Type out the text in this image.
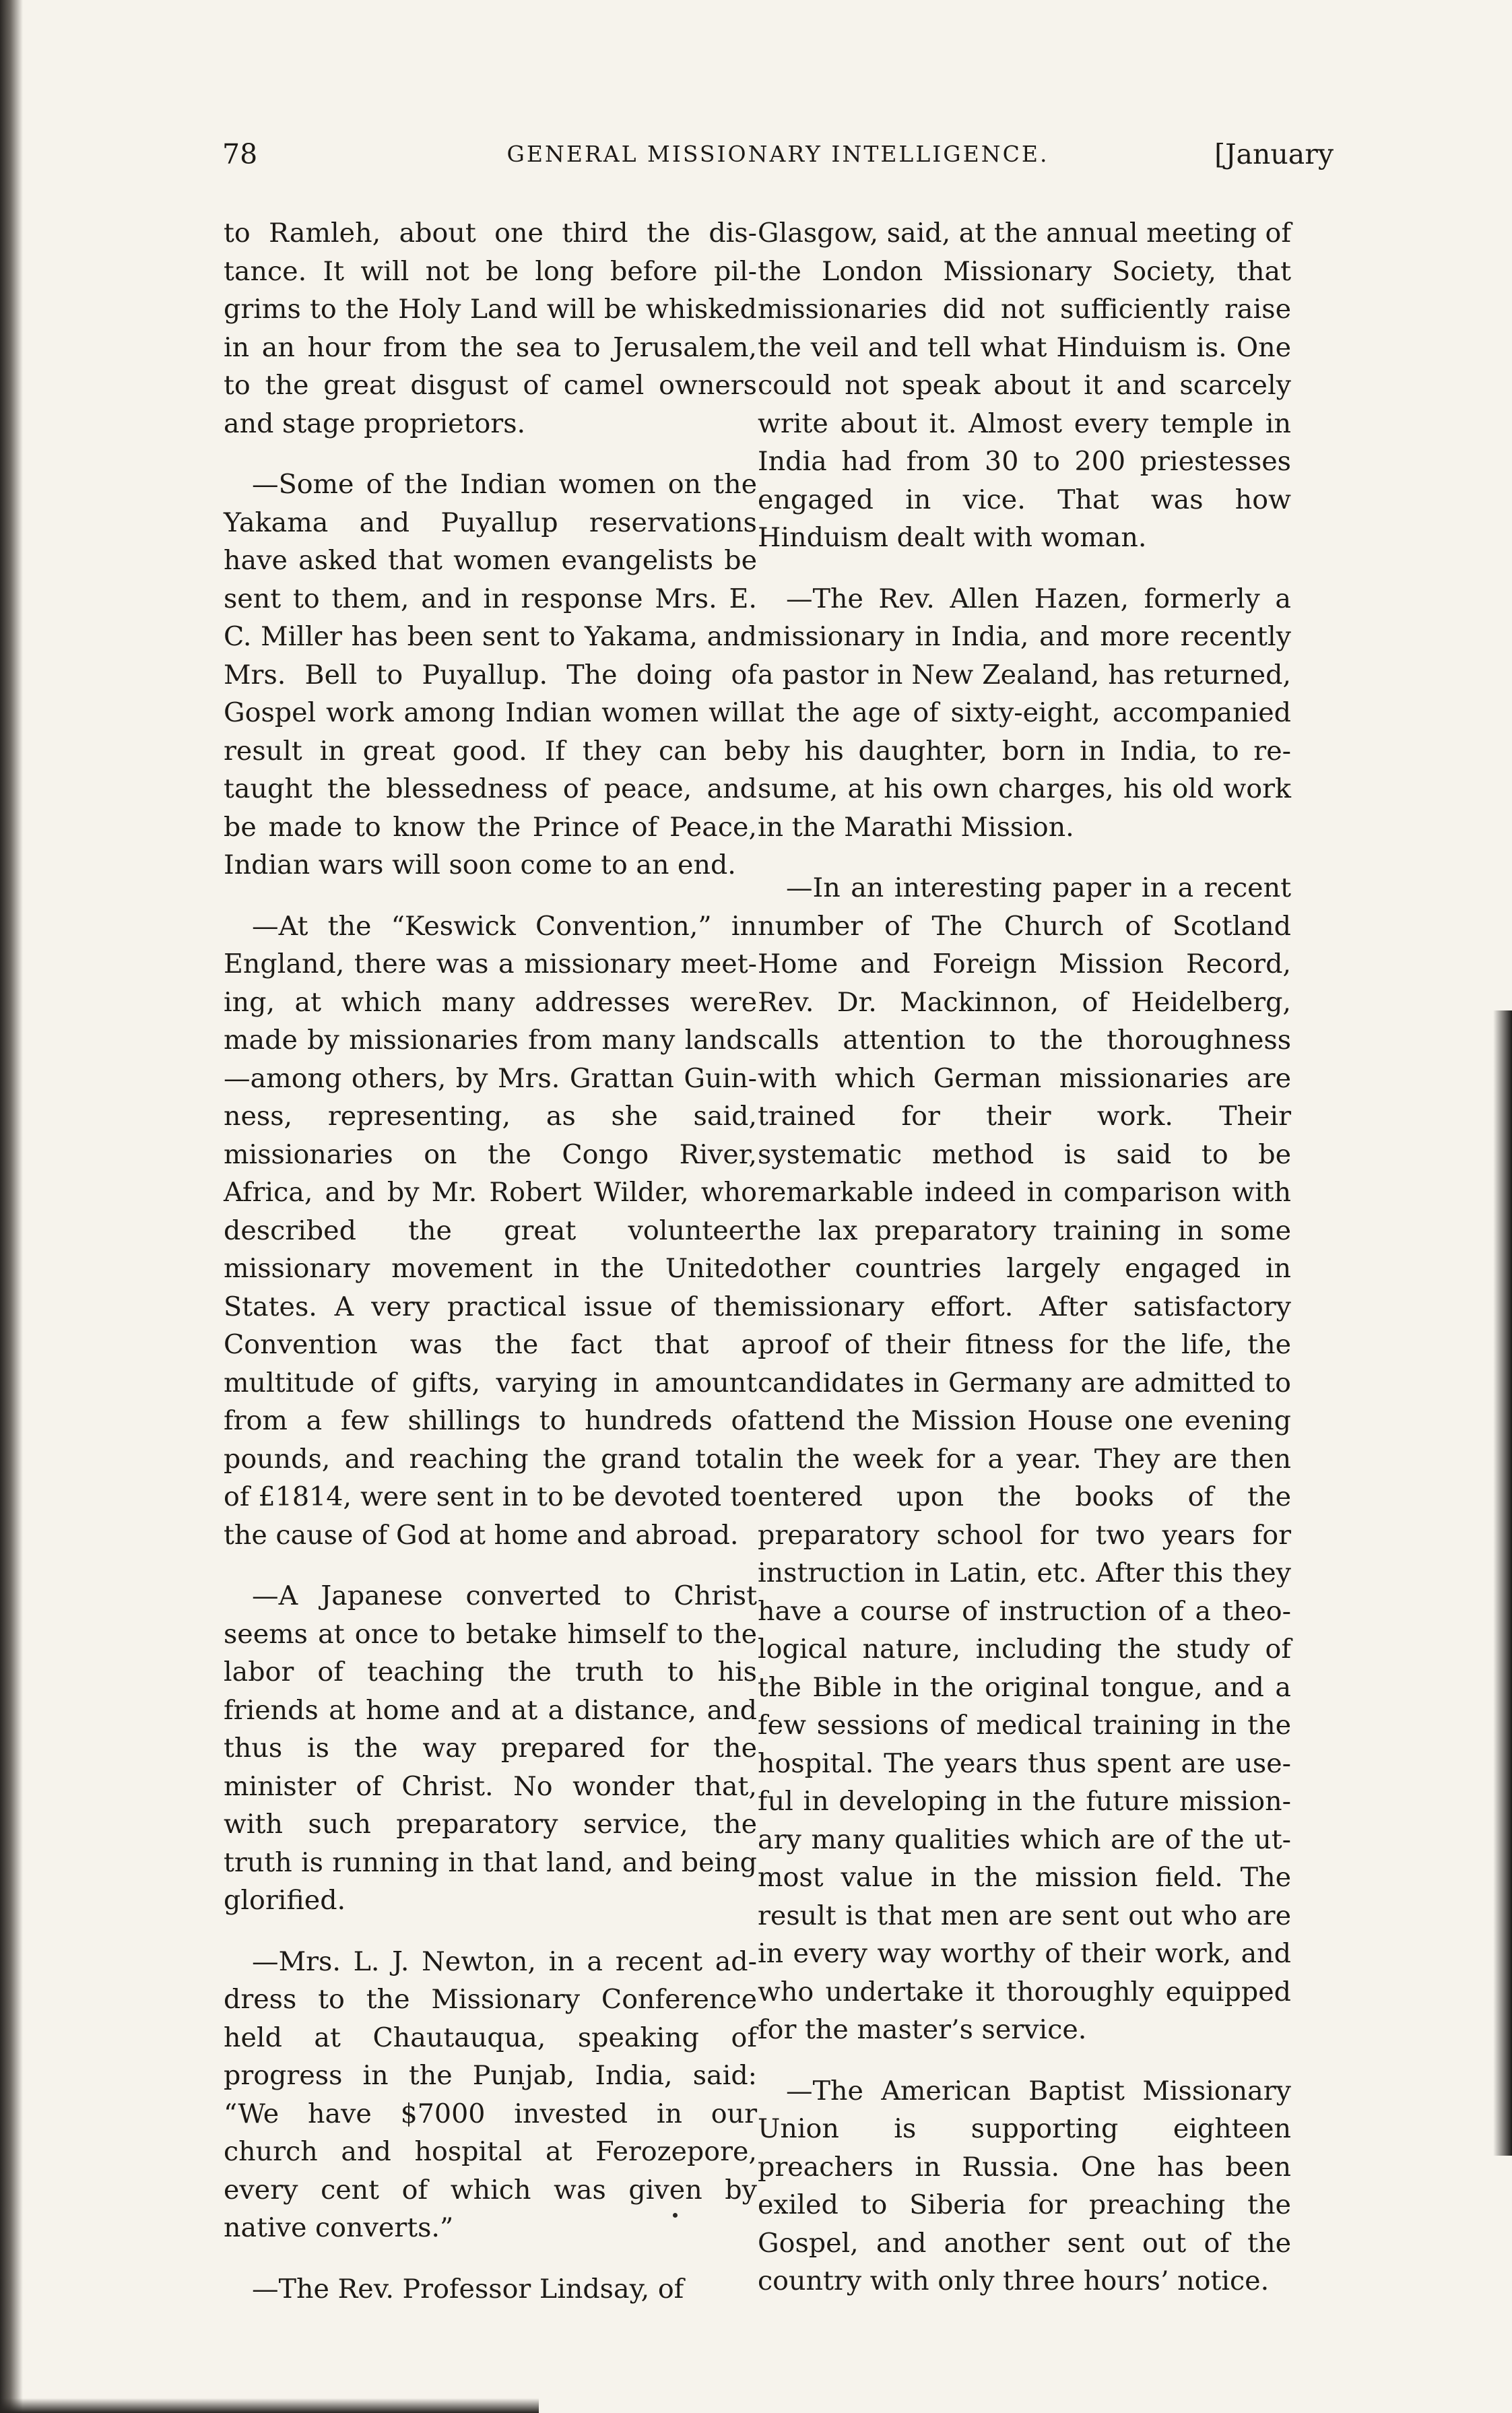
78	GENERAL MISSIONARY INTELLIGENCE.	[January

to Ramleh, about one third the distance. It will not be long before pilgrims to the Holy Land will be whisked in an hour from the sea to Jerusalem, to the great disgust of camel owners and stage proprietors.

—Some of the Indian women on the Yakama and Puyallup reservations have asked that women evangelists be sent to them, and in response Mrs. E. C. Miller has been sent to Yakama, and Mrs. Bell to Puyallup. The doing of Gospel work among Indian women will result in great good. If they can be taught the blessedness of peace, and be made to know the Prince of Peace, Indian wars will soon come to an end.

—At the “Keswick Convention,” in England, there was a missionary meeting, at which many addresses were made by missionaries from many lands —among others, by Mrs. Grattan Guinness, representing, as she said, missionaries on the Congo River, Africa, and by Mr. Robert Wilder, who described the great volunteer missionary movement in the United States. A very practical issue of the Convention was the fact that a multitude of gifts, varying in amount from a few shillings to hundreds of pounds, and reaching the grand total of £1814, were sent in to be devoted to the cause of God at home and abroad.

—A Japanese converted to Christ seems at once to betake himself to the labor of teaching the truth to his friends at home and at a distance, and thus is the way prepared for the minister of Christ. No wonder that, with such preparatory service, the truth is running in that land, and being glorified.

—Mrs. L. J. Newton, in a recent address to the Missionary Conference held at Chautauqua, speaking of progress in the Punjab, India, said: “We have $7000 invested in our church and hospital at Ferozepore, every cent of which was given by native converts.”

—The Rev. Professor Lindsay, of

Glasgow, said, at the annual meeting of the London Missionary Society, that missionaries did not sufficiently raise the veil and tell what Hinduism is. One could not speak about it and scarcely write about it. Almost every temple in India had from 30 to 200 priestesses engaged in vice. That was how Hinduism dealt with woman.

—The Rev. Allen Hazen, formerly a missionary in India, and more recently a pastor in New Zealand, has returned, at the age of sixty-eight, accompanied by his daughter, born in India, to resume, at his own charges, his old work in the Marathi Mission.

—In an interesting paper in a recent number of The Church of Scotland Home and Foreign Mission Record, Rev. Dr. Mackinnon, of Heidelberg, calls attention to the thoroughness with which German missionaries are trained for their work. Their systematic method is said to be remarkable indeed in comparison with the lax preparatory training in some other countries largely engaged in missionary effort. After satisfactory proof of their fitness for the life, the candidates in Germany are admitted to attend the Mission House one evening in the week for a year. They are then entered upon the books of the preparatory school for two years for instruction in Latin, etc. After this they have a course of instruction of a theological nature, including the study of the Bible in the original tongue, and a few sessions of medical training in the hospital. The years thus spent are useful in developing in the future missionary many qualities which are of the utmost value in the mission field. The result is that men are sent out who are in every way worthy of their work, and who undertake it thoroughly equipped for the master’s service.

—The American Baptist Missionary Union is supporting eighteen preachers in Russia. One has been exiled to Siberia for preaching the Gospel, and another sent out of the country with only three hours’ notice.
